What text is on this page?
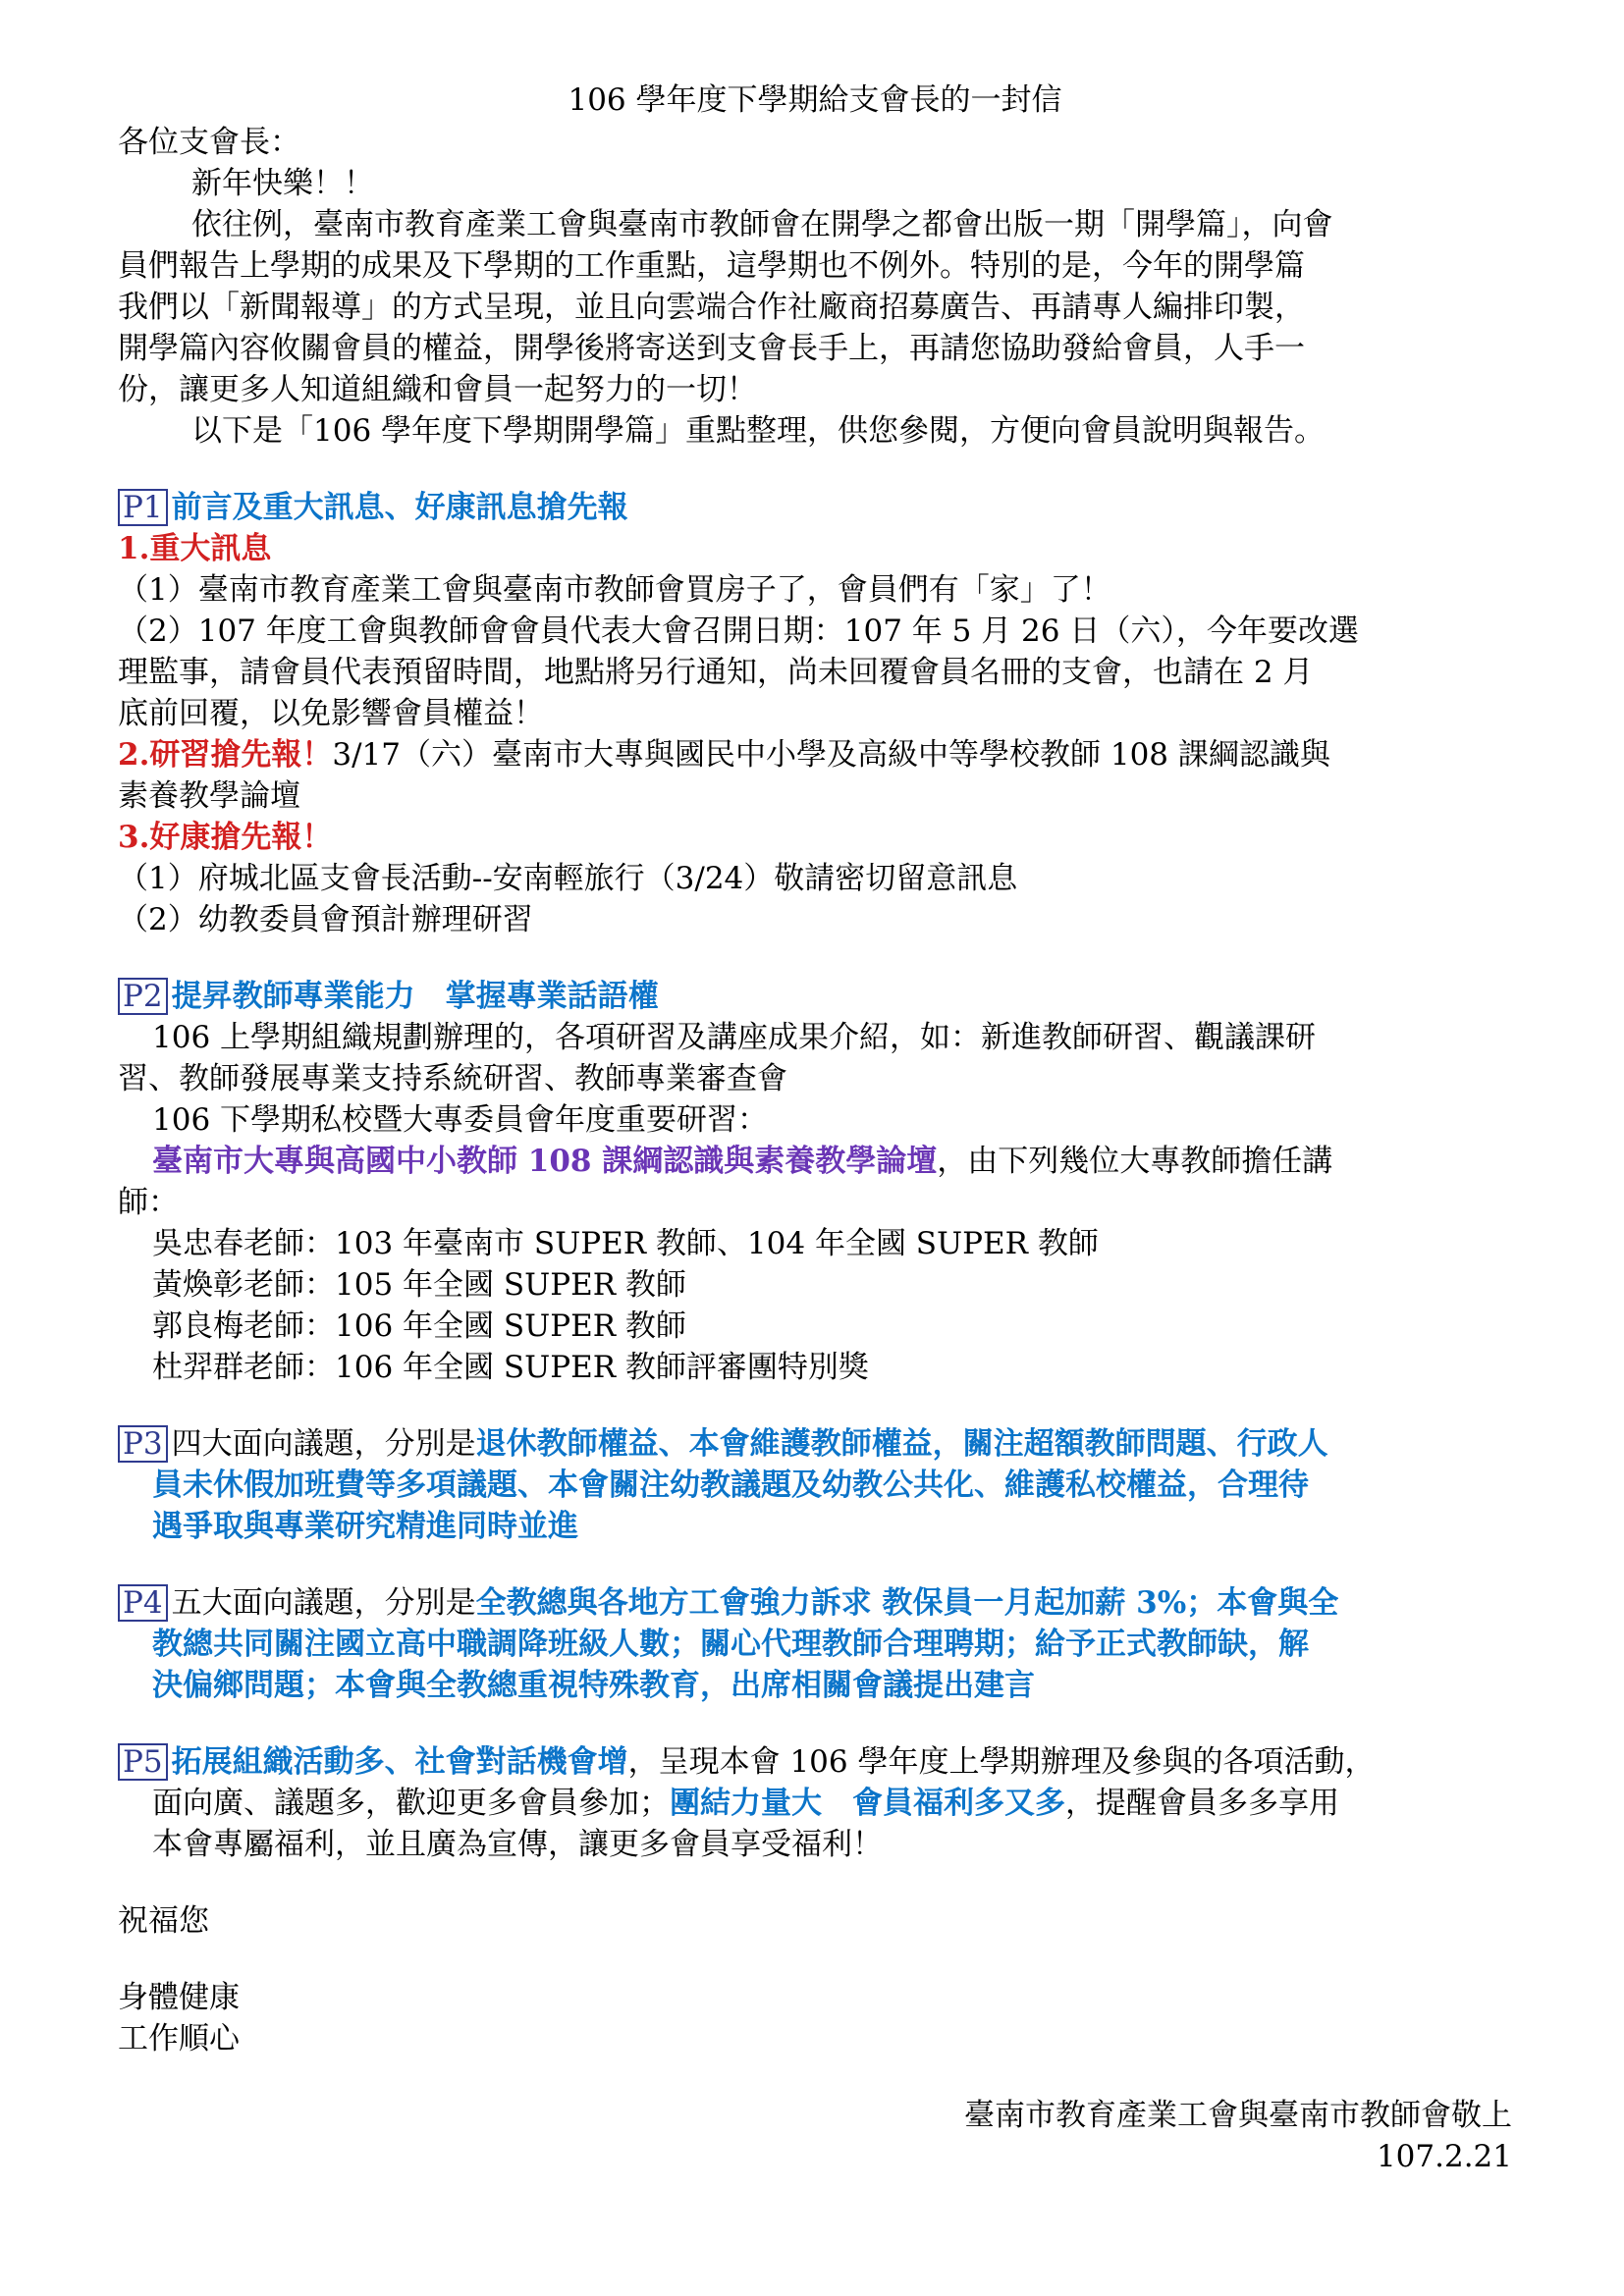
106 學年度下學期給支會長的一封信
各位支會長：
新年快樂！！
依往例，臺南市教育產業工會與臺南市教師會在開學之都會出版一期「開學篇」，向會
員們報告上學期的成果及下學期的工作重點，這學期也不例外。特別的是，今年的開學篇
我們以「新聞報導」的方式呈現，並且向雲端合作社廠商招募廣告、再請專人編排印製，
開學篇內容攸關會員的權益，開學後將寄送到支會長手上，再請您協助發給會員，人手一
份，讓更多人知道組織和會員一起努力的一切！
以下是「106 學年度下學期開學篇」重點整理，供您參閱，方便向會員說明與報告。
P1 前言及重大訊息、好康訊息搶先報
1.重大訊息
（1）臺南市教育產業工會與臺南市教師會買房子了，會員們有「家」了！
（2）107 年度工會與教師會會員代表大會召開日期：107 年 5 月 26 日（六），今年要改選
理監事，請會員代表預留時間，地點將另行通知，尚未回覆會員名冊的支會，也請在 2 月
底前回覆，以免影響會員權益！
2.研習搶先報！3/17（六）臺南市大專與國民中小學及高級中等學校教師 108 課綱認識與
素養教學論壇
3.好康搶先報！
（1）府城北區支會長活動--安南輕旅行（3/24）敬請密切留意訊息
（2）幼教委員會預計辦理研習
P2 提昇教師專業能力　掌握專業話語權
106 上學期組織規劃辦理的，各項研習及講座成果介紹，如：新進教師研習、觀議課研
習、教師發展專業支持系統研習、教師專業審查會
106 下學期私校暨大專委員會年度重要研習：
臺南市大專與高國中小教師 108 課綱認識與素養教學論壇，由下列幾位大專教師擔任講
師：
吳忠春老師：103 年臺南市 SUPER 教師、104 年全國 SUPER 教師
黃煥彰老師：105 年全國 SUPER 教師
郭良梅老師：106 年全國 SUPER 教師
杜羿群老師：106 年全國 SUPER 教師評審團特別獎
P3 四大面向議題，分別是退休教師權益、本會維護教師權益，關注超額教師問題、行政人
員未休假加班費等多項議題、本會關注幼教議題及幼教公共化、維護私校權益，合理待
遇爭取與專業研究精進同時並進
P4 五大面向議題，分別是全教總與各地方工會強力訴求 教保員一月起加薪 3%；本會與全
教總共同關注國立高中職調降班級人數；關心代理教師合理聘期；給予正式教師缺，解
決偏鄉問題；本會與全教總重視特殊教育，出席相關會議提出建言
P5 拓展組織活動多、社會對話機會增，呈現本會 106 學年度上學期辦理及參與的各項活動，
面向廣、議題多，歡迎更多會員參加；團結力量大　會員福利多又多，提醒會員多多享用
本會專屬福利，並且廣為宣傳，讓更多會員享受福利！
祝福您
身體健康
工作順心
臺南市教育產業工會與臺南市教師會敬上
107.2.21
